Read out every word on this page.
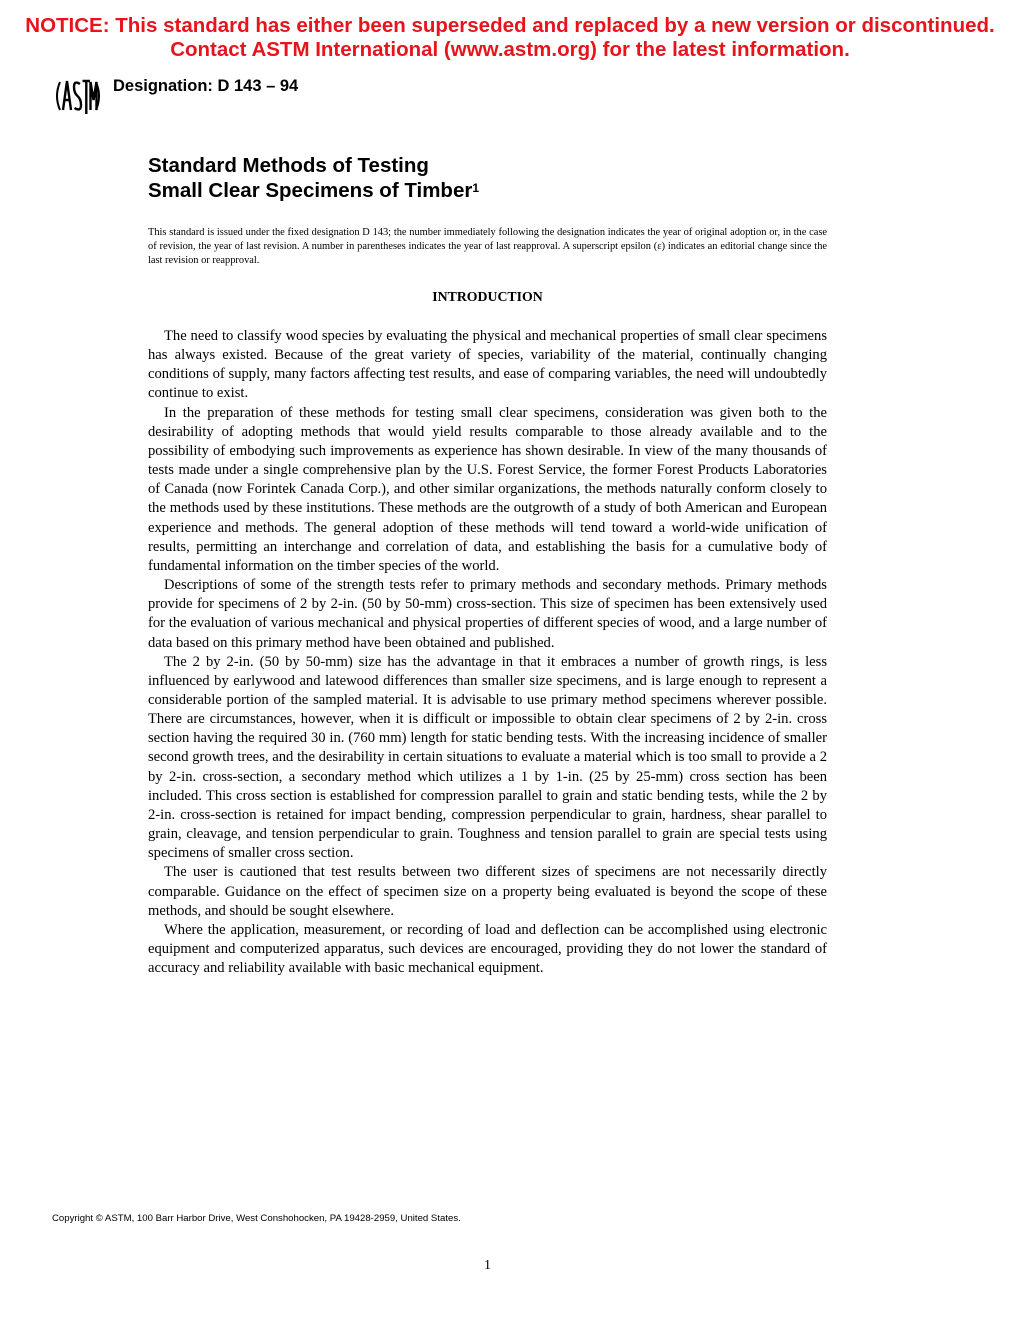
NOTICE: This standard has either been superseded and replaced by a new version or discontinued.
Contact ASTM International (www.astm.org) for the latest information.
Designation: D 143 – 94
Standard Methods of Testing
Small Clear Specimens of Timber$^1$
This standard is issued under the fixed designation D 143; the number immediately following the designation indicates the year of original adoption or, in the case of revision, the year of last revision. A number in parentheses indicates the year of last reapproval. A superscript epsilon (ε) indicates an editorial change since the last revision or reapproval.
INTRODUCTION

The need to classify wood species by evaluating the physical and mechanical properties of small clear specimens has always existed. Because of the great variety of species, variability of the material, continually changing conditions of supply, many factors affecting test results, and ease of comparing variables, the need will undoubtedly continue to exist.

In the preparation of these methods for testing small clear specimens, consideration was given both to the desirability of adopting methods that would yield results comparable to those already available and to the possibility of embodying such improvements as experience has shown desirable. In view of the many thousands of tests made under a single comprehensive plan by the U.S. Forest Service, the former Forest Products Laboratories of Canada (now Forintek Canada Corp.), and other similar organizations, the methods naturally conform closely to the methods used by these institutions. These methods are the outgrowth of a study of both American and European experience and methods. The general adoption of these methods will tend toward a world-wide unification of results, permitting an interchange and correlation of data, and establishing the basis for a cumulative body of fundamental information on the timber species of the world.

Descriptions of some of the strength tests refer to primary methods and secondary methods. Primary methods provide for specimens of 2 by 2-in. (50 by 50-mm) cross-section. This size of specimen has been extensively used for the evaluation of various mechanical and physical properties of different species of wood, and a large number of data based on this primary method have been obtained and published.

The 2 by 2-in. (50 by 50-mm) size has the advantage in that it embraces a number of growth rings, is less influenced by earlywood and latewood differences than smaller size specimens, and is large enough to represent a considerable portion of the sampled material. It is advisable to use primary method specimens wherever possible. There are circumstances, however, when it is difficult or impossible to obtain clear specimens of 2 by 2-in. cross section having the required 30 in. (760 mm) length for static bending tests. With the increasing incidence of smaller second growth trees, and the desirability in certain situations to evaluate a material which is too small to provide a 2 by 2-in. cross-section, a secondary method which utilizes a 1 by 1-in. (25 by 25-mm) cross section has been included. This cross section is established for compression parallel to grain and static bending tests, while the 2 by 2-in. cross-section is retained for impact bending, compression perpendicular to grain, hardness, shear parallel to grain, cleavage, and tension perpendicular to grain. Toughness and tension parallel to grain are special tests using specimens of smaller cross section.

The user is cautioned that test results between two different sizes of specimens are not necessarily directly comparable. Guidance on the effect of specimen size on a property being evaluated is beyond the scope of these methods, and should be sought elsewhere.

Where the application, measurement, or recording of load and deflection can be accomplished using electronic equipment and computerized apparatus, such devices are encouraged, providing they do not lower the standard of accuracy and reliability available with basic mechanical equipment.

Copyright © ASTM, 100 Barr Harbor Drive, West Conshohocken, PA 19428-2959, United States.
1
